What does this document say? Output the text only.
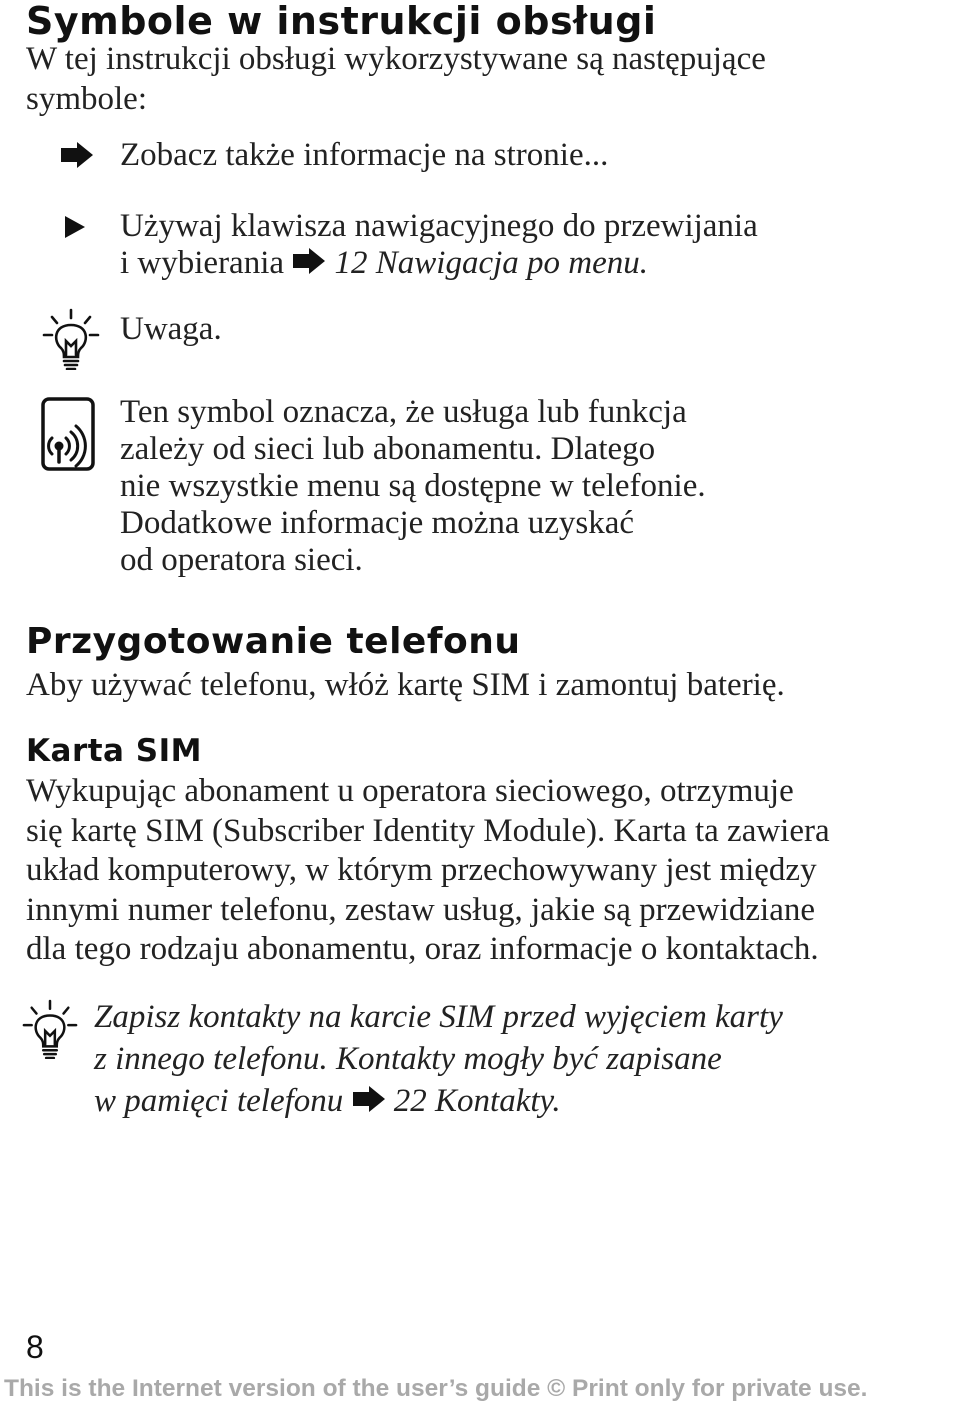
Symbole w instrukcji obsługi
W tej instrukcji obsługi wykorzystywane są następujące
symbole:
Zobacz także informacje na stronie...
Używaj klawisza nawigacyjnego do przewijania
i wybierania  12 Nawigacja po menu.
Uwaga.
Ten symbol oznacza, że usługa lub funkcja
zależy od sieci lub abonamentu. Dlatego
nie wszystkie menu są dostępne w telefonie.
Dodatkowe informacje można uzyskać
od operatora sieci.
Przygotowanie telefonu
Aby używać telefonu, włóż kartę SIM i zamontuj baterię.
Karta SIM
Wykupując abonament u operatora sieciowego, otrzymuje
się kartę SIM (Subscriber Identity Module). Karta ta zawiera
układ komputerowy, w którym przechowywany jest między
innymi numer telefonu, zestaw usług, jakie są przewidziane
dla tego rodzaju abonamentu, oraz informacje o kontaktach.
Zapisz kontakty na karcie SIM przed wyjęciem karty
z innego telefonu. Kontakty mogły być zapisane
w pamięci telefonu  22 Kontakty.
8
This is the Internet version of the user’s guide © Print only for private use.
